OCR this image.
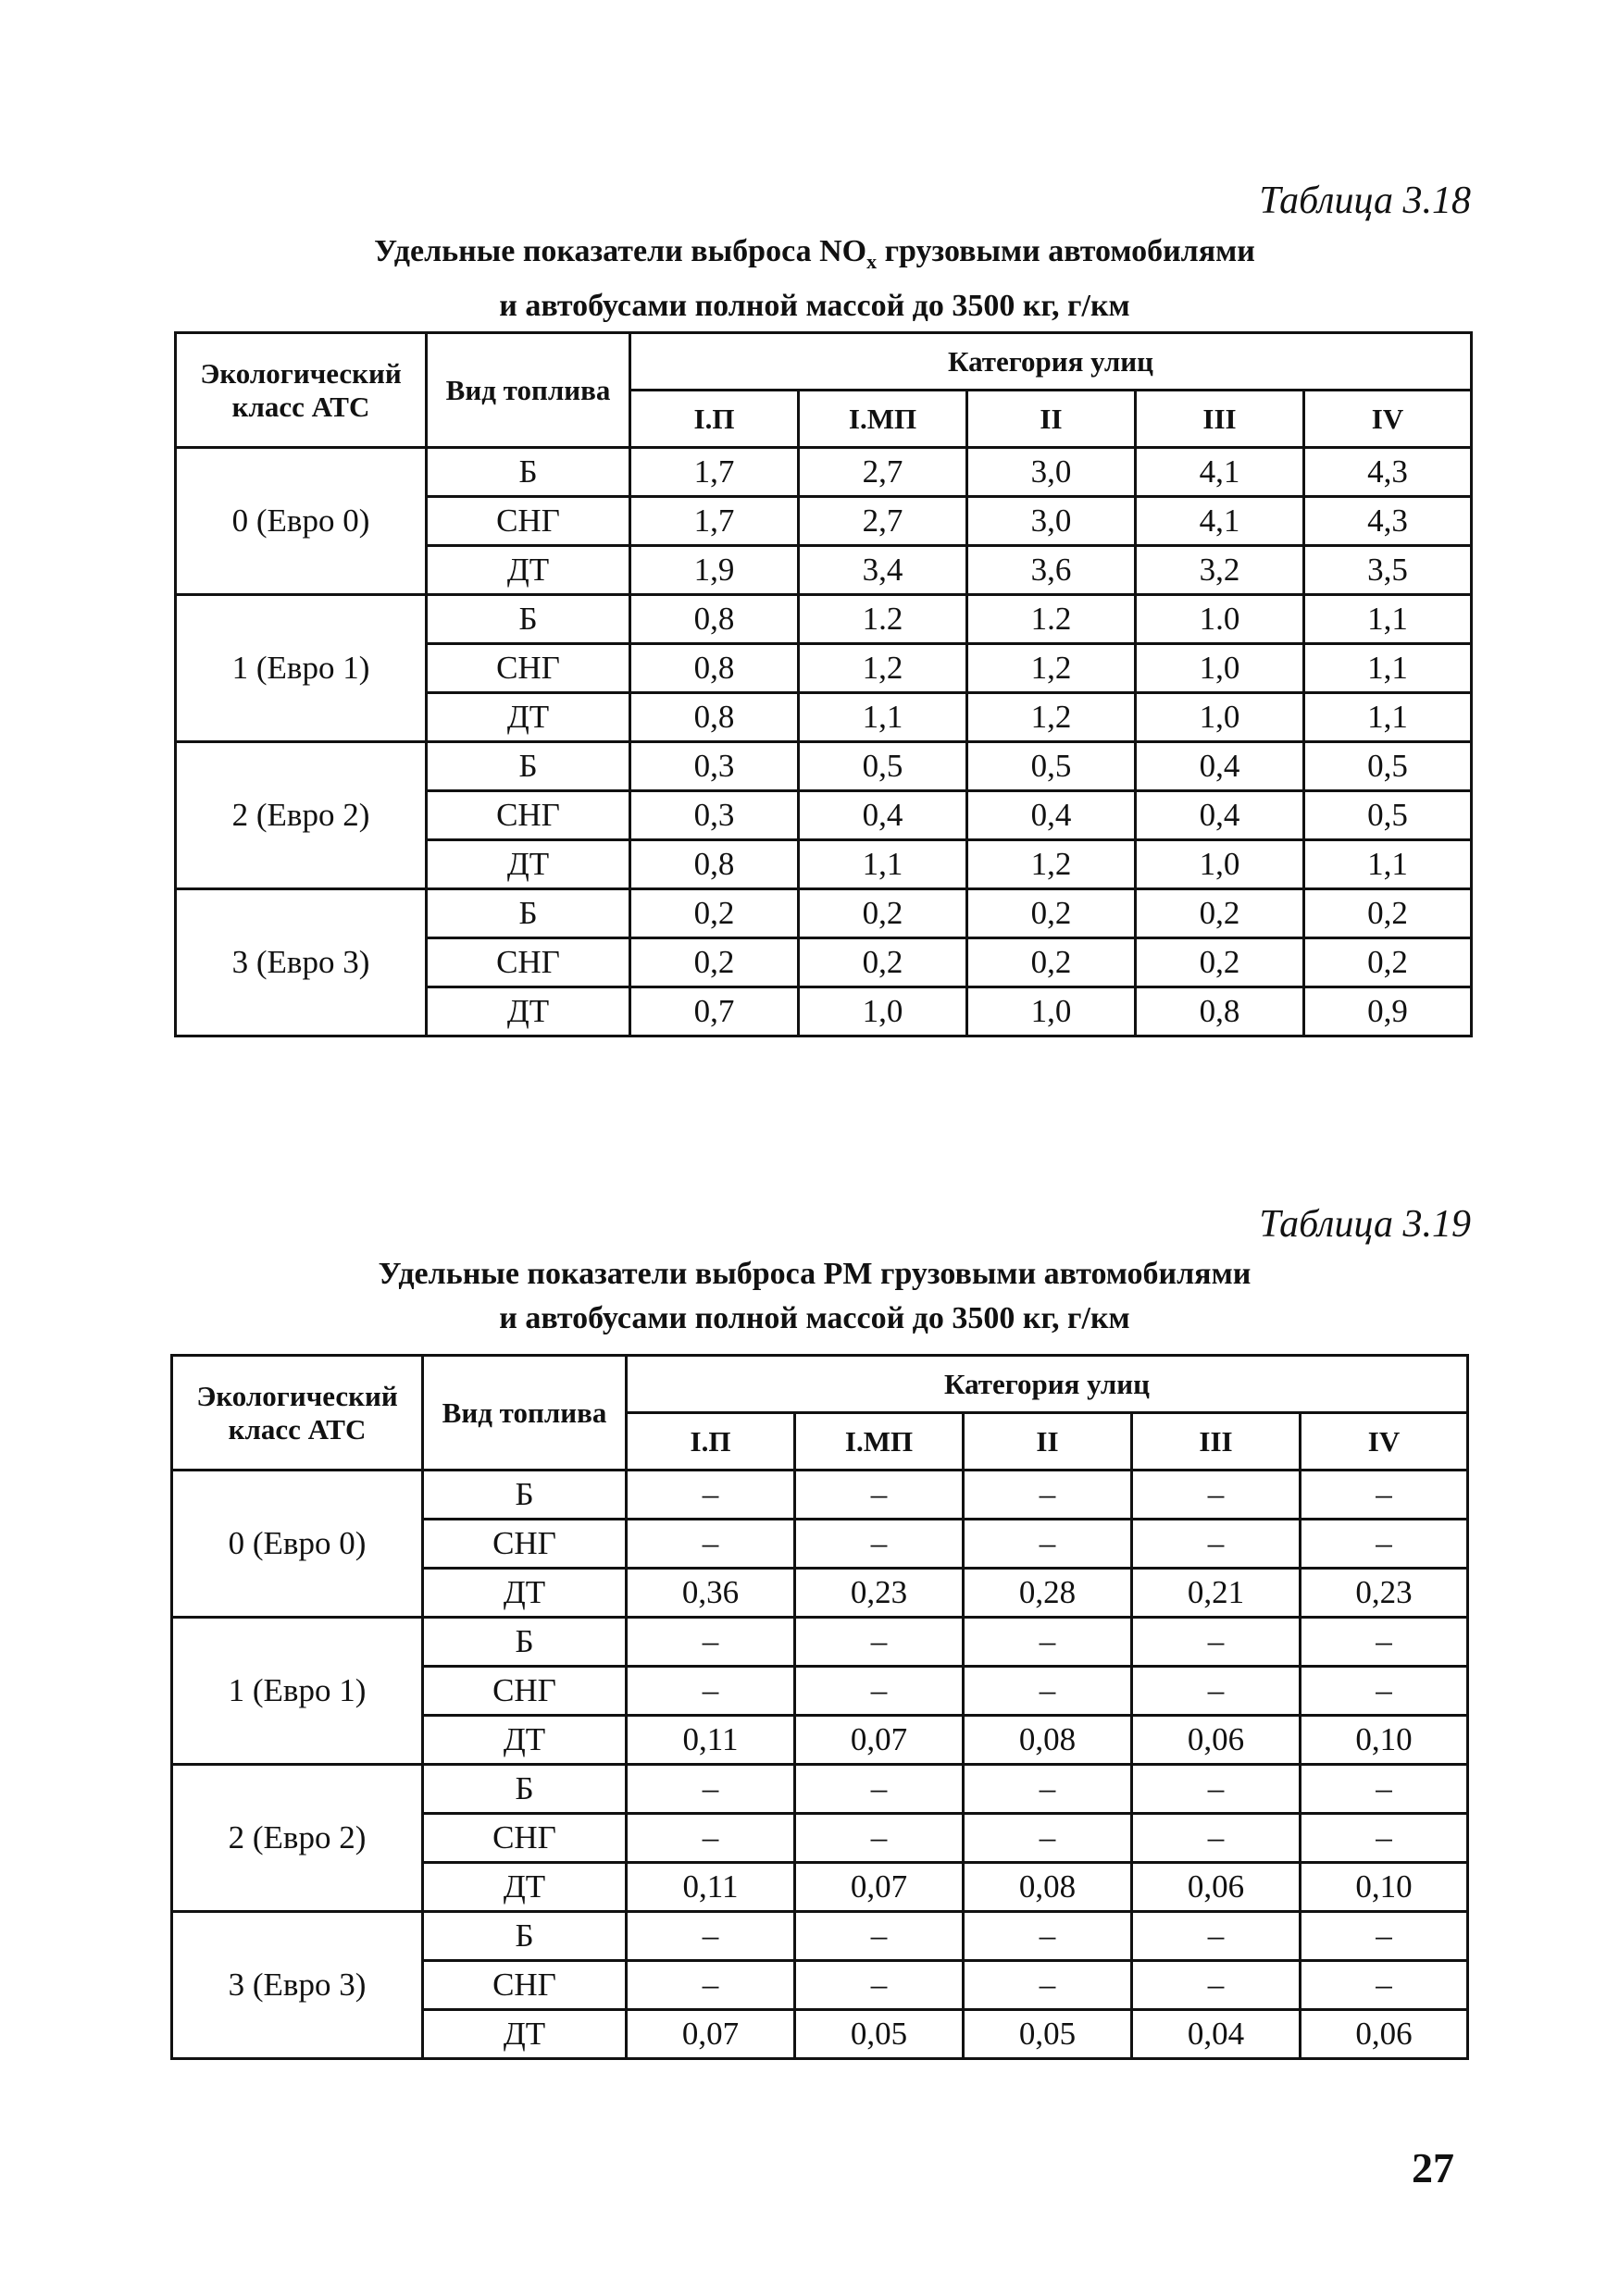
Таблица 3.18
Удельные показатели выброса $NO_x$ грузовыми автомобилями
и автобусами полной массой до 3500 кг, г/км
Экологический класс АТС	Вид топлива	Категория улиц				
		I.П	I.МП	II	III	IV
0 (Евро 0)	Б	1,7	2,7	3,0	4,1	4,3
	СНГ	1,7	2,7	3,0	4,1	4,3
	ДТ	1,9	3,4	3,6	3,2	3,5
1 (Евро 1)	Б	0,8	1.2	1.2	1.0	1,1
	СНГ	0,8	1,2	1,2	1,0	1,1
	ДТ	0,8	1,1	1,2	1,0	1,1
2 (Евро 2)	Б	0,3	0,5	0,5	0,4	0,5
	СНГ	0,3	0,4	0,4	0,4	0,5
	ДТ	0,8	1,1	1,2	1,0	1,1
3 (Евро 3)	Б	0,2	0,2	0,2	0,2	0,2
	СНГ	0,2	0,2	0,2	0,2	0,2
	ДТ	0,7	1,0	1,0	0,8	0,9
Таблица 3.19
Удельные показатели выброса PM грузовыми автомобилями
и автобусами полной массой до 3500 кг, г/км
Экологический класс АТС	Вид топлива	Категория улиц				
		I.П	I.МП	II	III	IV
0 (Евро 0)	Б	–	–	–	–	–
	СНГ	–	–	–	–	–
	ДТ	0,36	0,23	0,28	0,21	0,23
1 (Евро 1)	Б	–	–	–	–	–
	СНГ	–	–	–	–	–
	ДТ	0,11	0,07	0,08	0,06	0,10
2 (Евро 2)	Б	–	–	–	–	–
	СНГ	–	–	–	–	–
	ДТ	0,11	0,07	0,08	0,06	0,10
3 (Евро 3)	Б	–	–	–	–	–
	СНГ	–	–	–	–	–
	ДТ	0,07	0,05	0,05	0,04	0,06
27
